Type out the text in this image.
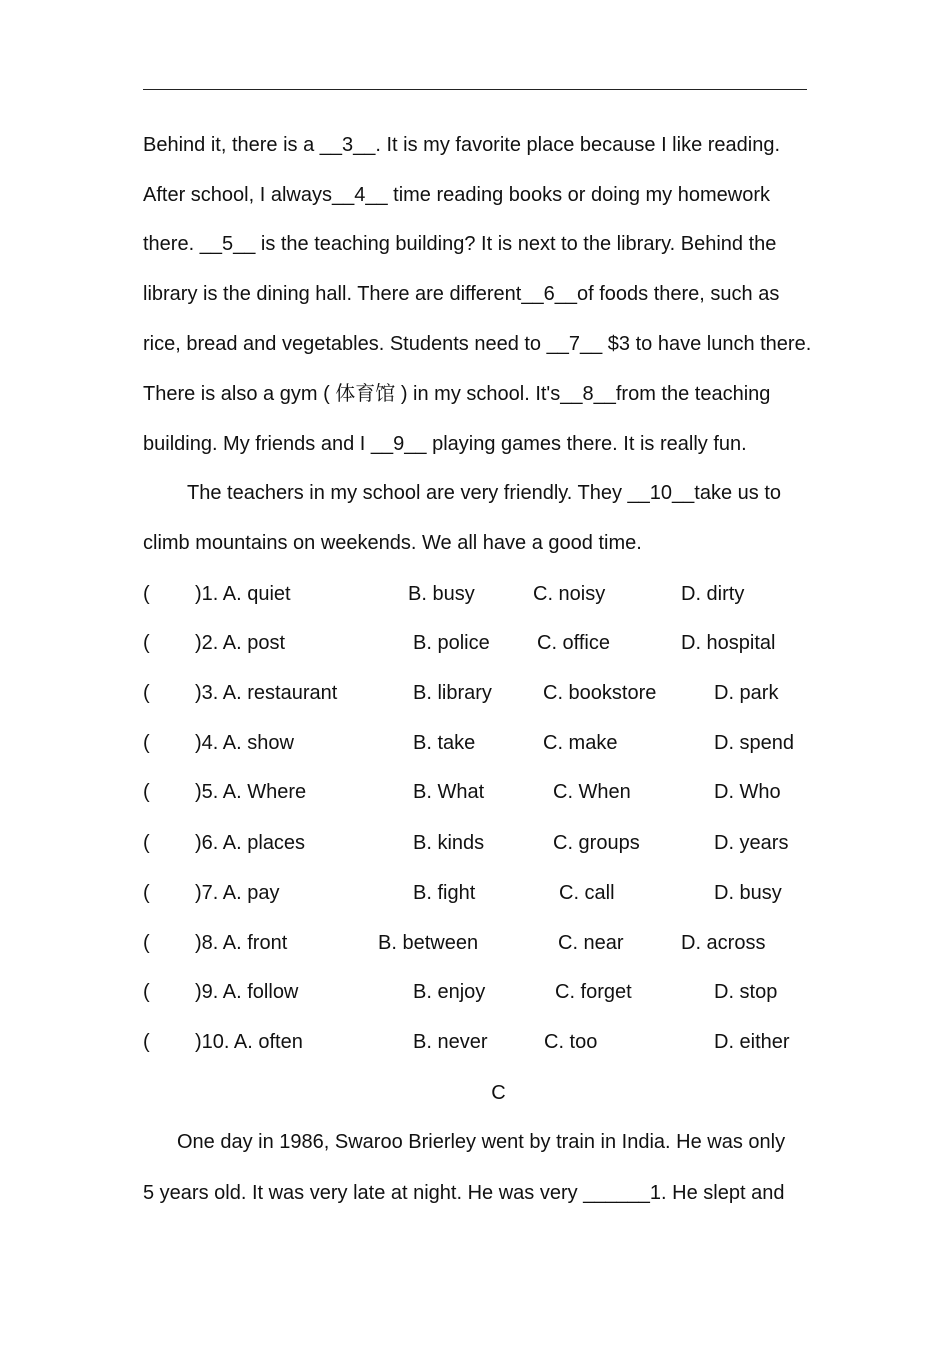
Behind it, there is a __3__. It is my favorite place because I like reading.
After school, I always__4__ time reading books or doing my homework
there. __5__ is the teaching building? It is next to the library. Behind the
library is the dining hall. There are different__6__of foods there, such as
rice, bread and vegetables. Students need to __7__ $3 to have lunch there.
There is also a gym ( 体育馆 ) in my school. It's__8__from the teaching
building. My friends and I __9__ playing games there. It is really fun.
The teachers in my school are very friendly. They __10__take us to
climb mountains on weekends. We all have a good time.
( )1. A. quiet	B. busy	C. noisy	D. dirty
( )2. A. post	B. police C. office	D. hospital
( )3. A. restaurant	B. library	C. bookstore	D. park
( )4. A. show	B. take	C. make	D. spend
( )5. A. Where	B. What	C. When	D. Who
( )6. A. places	B. kinds	C. groups	D. years
( )7. A. pay	B. fight	C. call	D. busy
( )8. A. front	B. between	C. near	D. across
( )9. A. follow	B. enjoy	C. forget	D. stop
( )10. A. often	B. never	C. too	D. either
C
One day in 1986, Swaroo Brierley went by train in India. He was only
5 years old. It was very late at night. He was very ______1. He slept and
